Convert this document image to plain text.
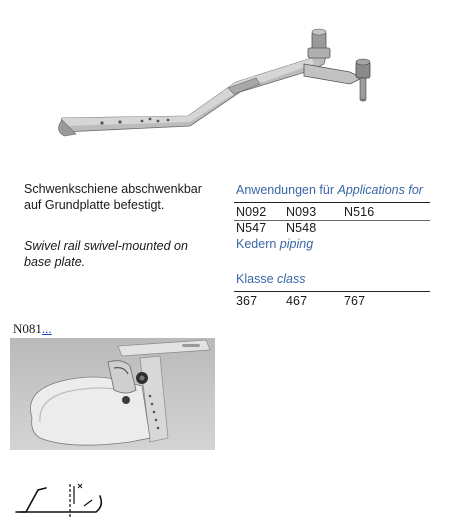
Schwenkschiene abschwenkbar
auf Grundplatte befestigt.
Swivel rail swivel-mounted on
base plate.
Anwendungen für Applications for
N092 N093 N516
N547 N548
Kedern piping
Klasse class
367 467	767
N081...
